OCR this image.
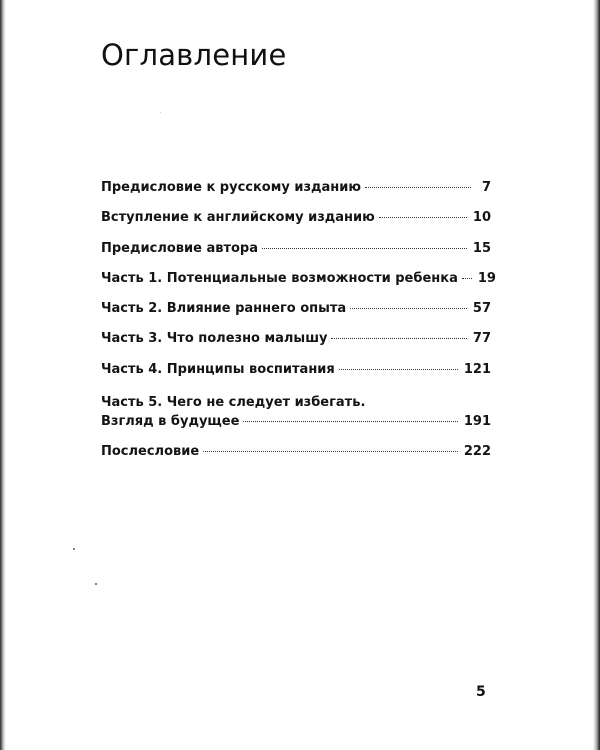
Оглавление
Предисловие к русскому изданию	7
Вступление к английскому изданию	10
Предисловие автора	15
Часть 1. Потенциальные возможности ребенка 19
Часть 2. Влияние раннего опыта	57
Часть 3. Что полезно малышу	77
Часть 4. Принципы воспитания	121
Часть 5. Чего не следует избегать.
Взгляд в будущее	191
Послесловие	222
5
